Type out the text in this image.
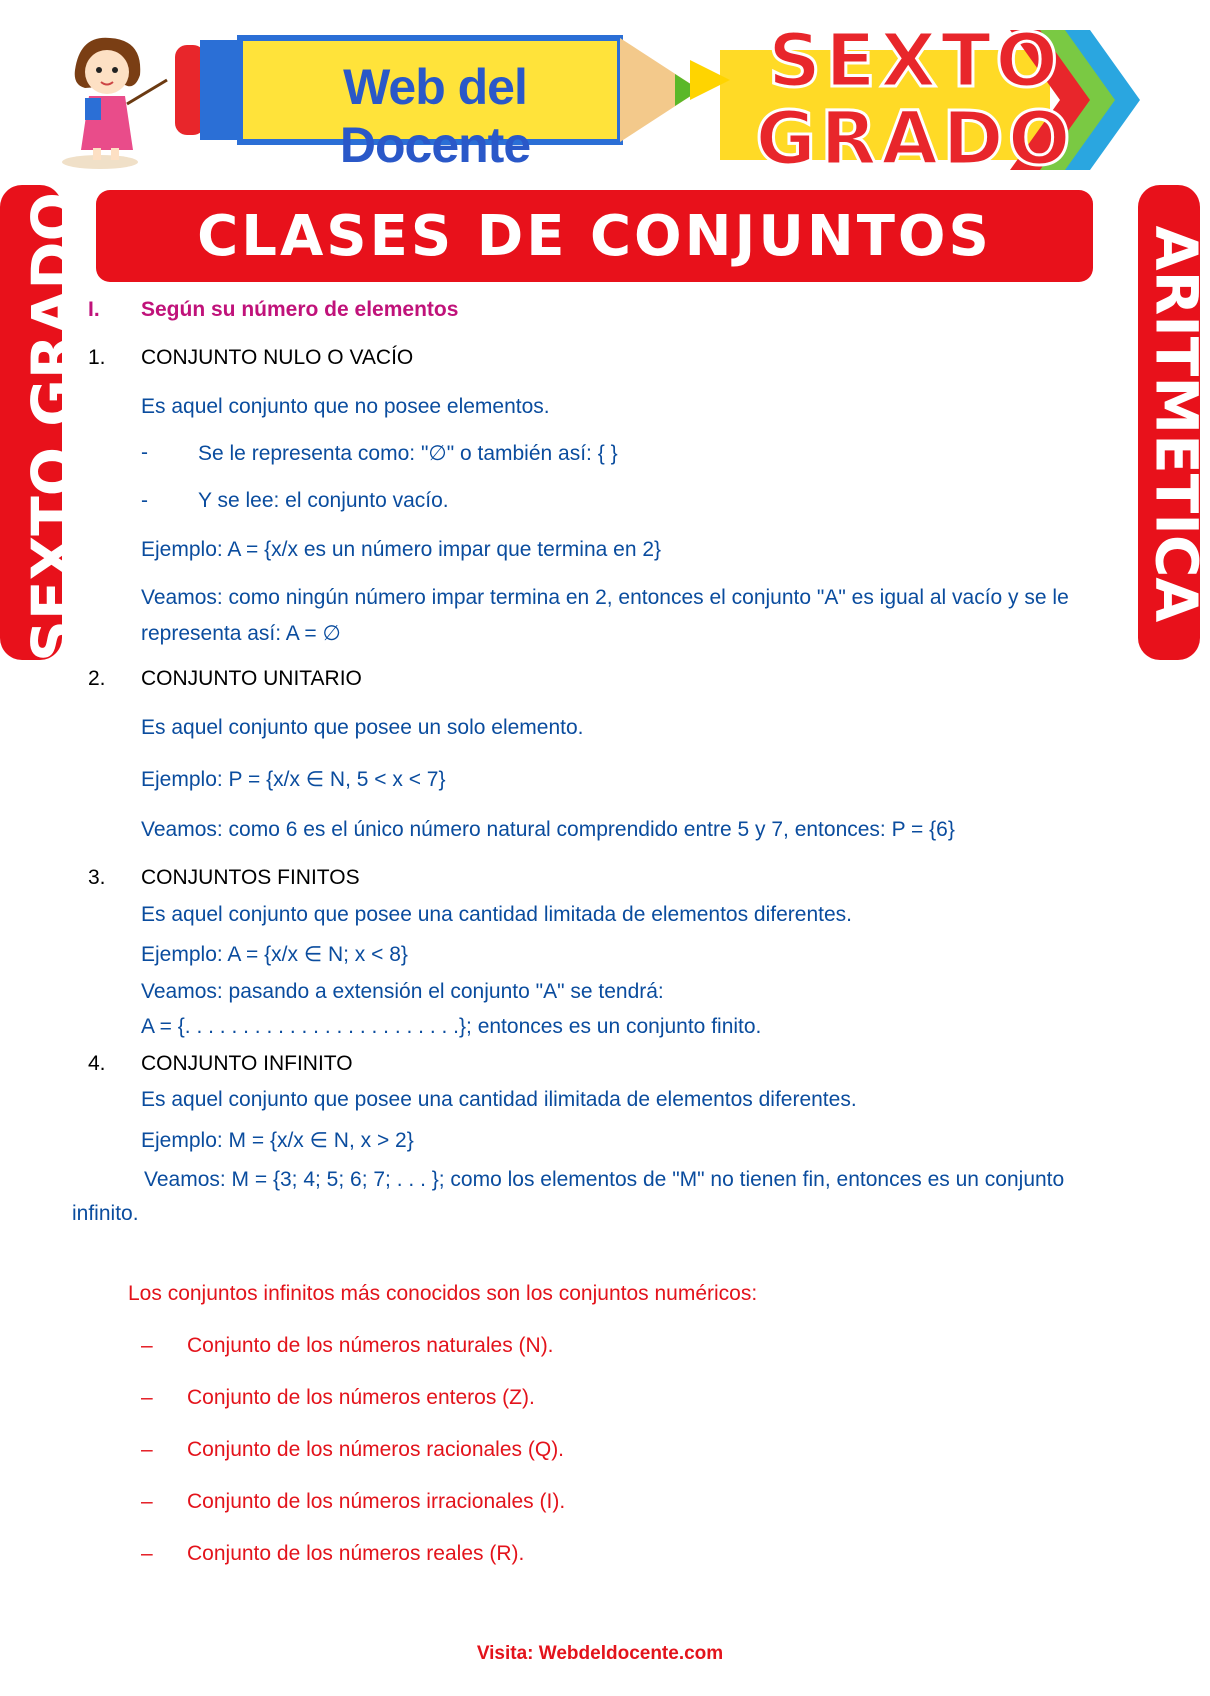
Web del Docente
SEXTO
GRADO
SEXTO GRADO	ARITMÉTICA
CLASES DE CONJUNTOS
I. Según su número de elementos
1. CONJUNTO NULO O VACÍO
Es aquel conjunto que no posee elementos.
- Se le representa como: "∅" o también así: { }
- Y se lee: el conjunto vacío.
Ejemplo: A = {x/x es un número impar que termina en 2}
Veamos: como ningún número impar termina en 2, entonces el conjunto "A" es igual al vacío y se le
representa así: A = ∅
2. CONJUNTO UNITARIO
Es aquel conjunto que posee un solo elemento.
Ejemplo: P = {x/x ∈ N, 5 < x < 7}
Veamos: como 6 es el único número natural comprendido entre 5 y 7, entonces: P = {6}
3. CONJUNTOS FINITOS
Es aquel conjunto que posee una cantidad limitada de elementos diferentes.
Ejemplo: A = {x/x ∈ N; x < 8}
Veamos: pasando a extensión el conjunto "A" se tendrá:
A = {. . . . . . . . . . . . . . . . . . . . . . . .}; entonces es un conjunto finito.
4. CONJUNTO INFINITO
Es aquel conjunto que posee una cantidad ilimitada de elementos diferentes.
Ejemplo: M = {x/x ∈ N, x > 2}
Veamos: M = {3; 4; 5; 6; 7; . . . }; como los elementos de "M" no tienen fin, entonces es un conjunto
infinito.
Los conjuntos infinitos más conocidos son los conjuntos numéricos:
– Conjunto de los números naturales (N).
– Conjunto de los números enteros (Z).
– Conjunto de los números racionales (Q).
– Conjunto de los números irracionales (I).
– Conjunto de los números reales (R).
Visita: Webdeldocente.com
